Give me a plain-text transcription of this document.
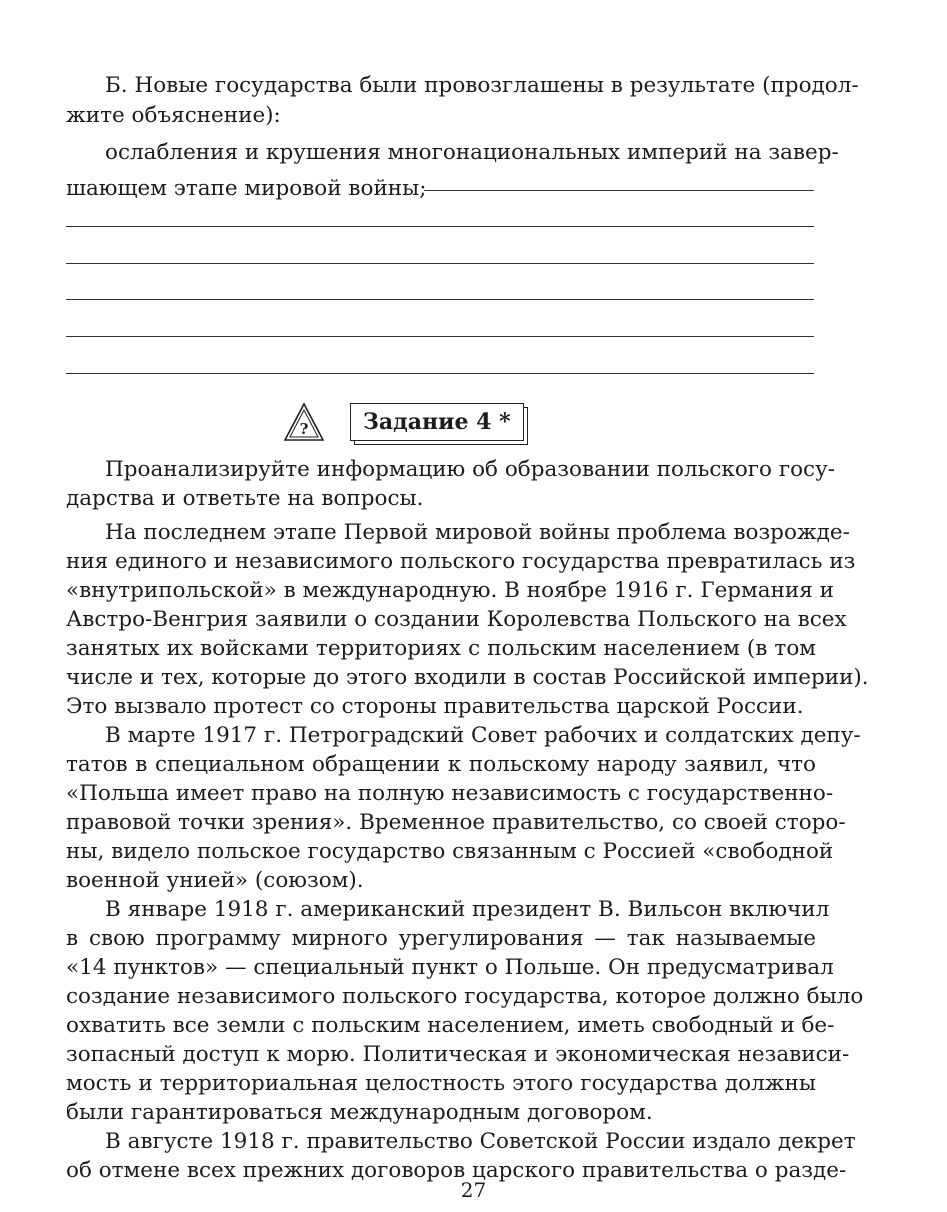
Б. Новые государства были провозглашены в результате (продол-
жите объяснение):
ослабления и крушения многонациональных империй на завер-
шающем этапе мировой войны;
?	Задание 4 *
Проанализируйте информацию об образовании польского госу-
дарства и ответьте на вопросы.
На последнем этапе Первой мировой войны проблема возрожде-
ния единого и независимого польского государства превратилась из
«внутрипольской» в международную. В ноябре 1916 г. Германия и
Австро-Венгрия заявили о создании Королевства Польского на всех
занятых их войсками территориях с польским населением (в том
числе и тех, которые до этого входили в состав Российской империи).
Это вызвало протест со стороны правительства царской России.
В марте 1917 г. Петроградский Совет рабочих и солдатских депу-
татов в специальном обращении к польскому народу заявил, что
«Польша имеет право на полную независимость с государственно-
правовой точки зрения». Временное правительство, со своей сторо-
ны, видело польское государство связанным с Россией «свободной
военной унией» (союзом).
В январе 1918 г. американский президент В. Вильсон включил
в свою программу мирного урегулирования — так называемые
«14 пунктов» — специальный пункт о Польше. Он предусматривал
создание независимого польского государства, которое должно было
охватить все земли с польским населением, иметь свободный и бе-
зопасный доступ к морю. Политическая и экономическая независи-
мость и территориальная целостность этого государства должны
были гарантироваться международным договором.
В августе 1918 г. правительство Советской России издало декрет
об отмене всех прежних договоров царского правительства о разде-
27
